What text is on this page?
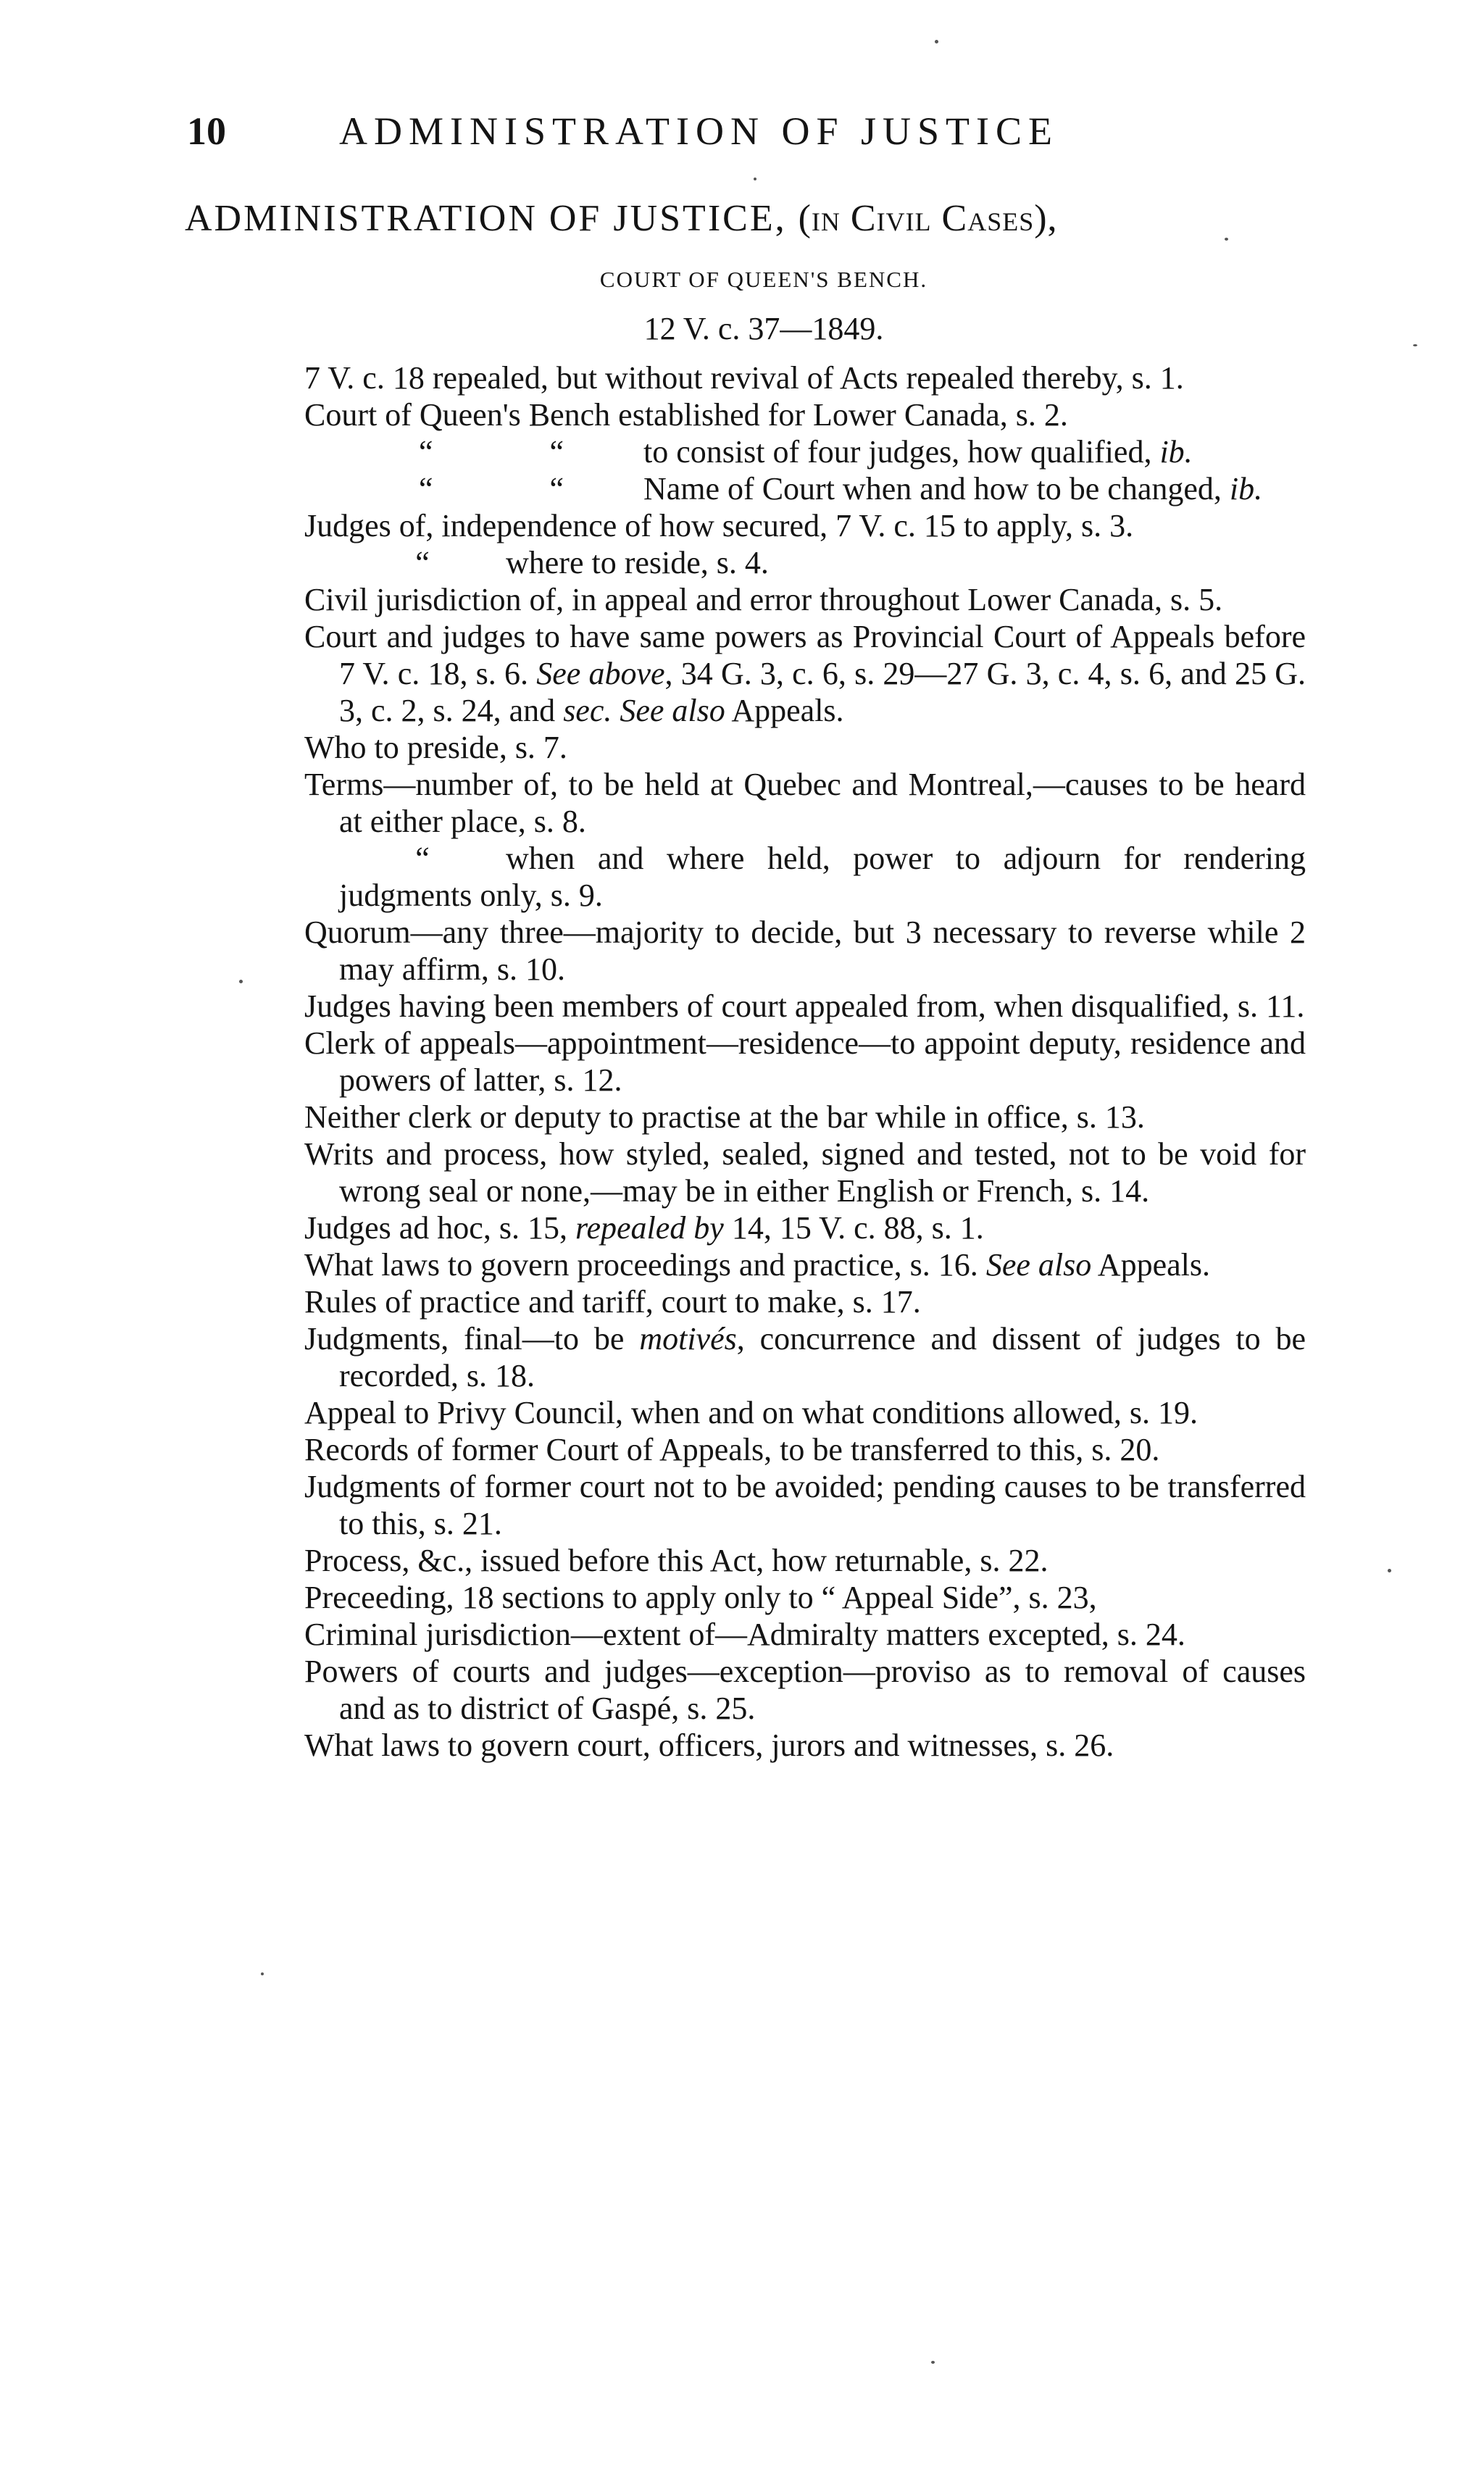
10	ADMINISTRATION OF JUSTICE
ADMINISTRATION OF JUSTICE, (in Civil Cases),
COURT OF QUEEN'S BENCH.
12 V. c. 37—1849.

7 V. c. 18 repealed, but without revival of Acts repealed thereby, s. 1.

Court of Queen's Bench established for Lower Canada, s. 2.

“ “ to consist of four judges, how qualified, ib.

“ “ Name of Court when and how to be changed, ib.

Judges of, independence of how secured, 7 V. c. 15 to apply, s. 3.

“ where to reside, s. 4.

Civil jurisdiction of, in appeal and error throughout Lower Canada, s. 5.

Court and judges to have same powers as Provincial Court of Appeals before 7 V. c. 18, s. 6. See above, 34 G. 3, c. 6, s. 29—27 G. 3, c. 4, s. 6, and 25 G. 3, c. 2, s. 24, and sec. See also Appeals.

Who to preside, s. 7.

Terms—number of, to be held at Quebec and Montreal,—causes to be heard at either place, s. 8.

“ when and where held, power to adjourn for rendering judgments only, s. 9.

Quorum—any three—majority to decide, but 3 necessary to reverse while 2 may affirm, s. 10.

Judges having been members of court appealed from, when disqualified, s. 11.

Clerk of appeals—appointment—residence—to appoint deputy, residence and powers of latter, s. 12.

Neither clerk or deputy to practise at the bar while in office, s. 13.

Writs and process, how styled, sealed, signed and tested, not to be void for wrong seal or none,—may be in either English or French, s. 14.

Judges ad hoc, s. 15, repealed by 14, 15 V. c. 88, s. 1.

What laws to govern proceedings and practice, s. 16. See also Appeals.

Rules of practice and tariff, court to make, s. 17.

Judgments, final—to be motivés, concurrence and dissent of judges to be recorded, s. 18.

Appeal to Privy Council, when and on what conditions allowed, s. 19.

Records of former Court of Appeals, to be transferred to this, s. 20.

Judgments of former court not to be avoided; pending causes to be transferred to this, s. 21.

Process, &c., issued before this Act, how returnable, s. 22.

Preceeding, 18 sections to apply only to “ Appeal Side”, s. 23,

Criminal jurisdiction—extent of—Admiralty matters excepted, s. 24.

Powers of courts and judges—exception—proviso as to removal of causes and as to district of Gaspé, s. 25.

What laws to govern court, officers, jurors and witnesses, s. 26.
